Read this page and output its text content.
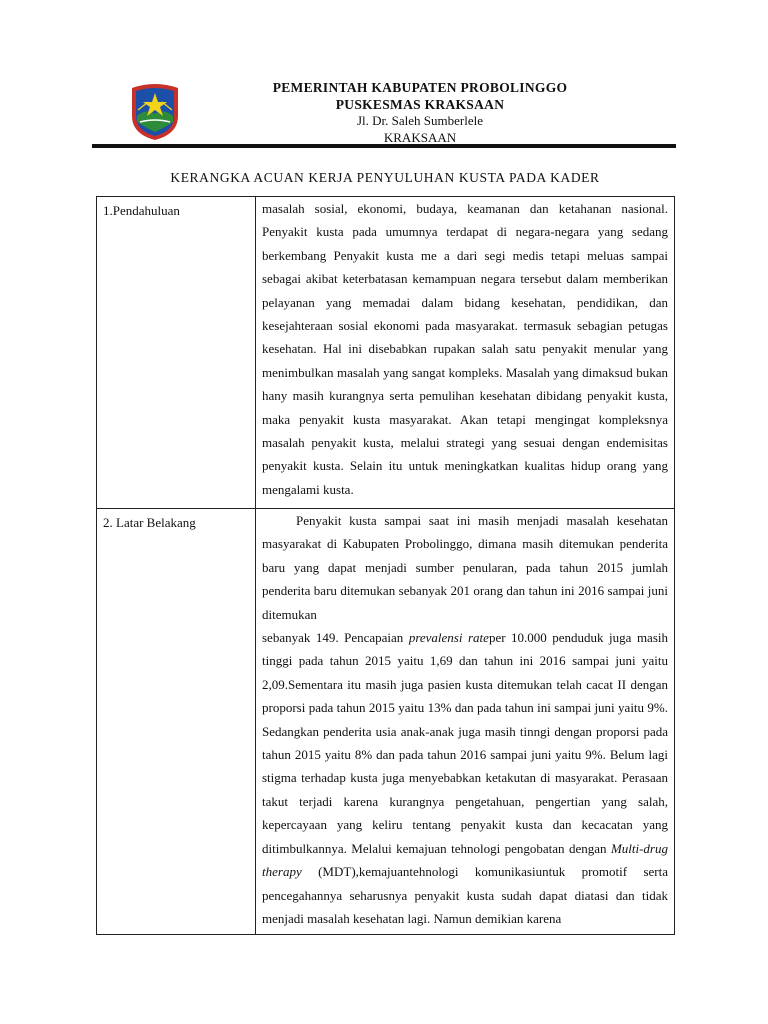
PEMERINTAH KABUPATEN PROBOLINGGO
PUSKESMAS KRAKSAAN
Jl. Dr. Saleh Sumberlele
KRAKSAAN
KERANGKA ACUAN KERJA PENYULUHAN KUSTA PADA KADER
1.Pendahuluan	masalah sosial, ekonomi, budaya, keamanan dan ketahanan nasional. Penyakit kusta pada umumnya terdapat di negara-negara yang sedang berkembang Penyakit kusta me a dari segi medis tetapi meluas sampai sebagai akibat keterbatasan kemampuan negara tersebut dalam memberikan pelayanan yang memadai dalam bidang kesehatan, pendidikan, dan kesejahteraan sosial ekonomi pada masyarakat. termasuk sebagian petugas kesehatan. Hal ini disebabkan rupakan salah satu penyakit menular yang menimbulkan masalah yang sangat kompleks. Masalah yang dimaksud bukan hany masih kurangnya serta pemulihan kesehatan dibidang penyakit kusta, maka penyakit kusta masyarakat. Akan tetapi mengingat kompleksnya masalah penyakit kusta, melalui strategi yang sesuai dengan endemisitas penyakit kusta. Selain itu untuk meningkatkan kualitas hidup orang yang mengalami kusta.

2. Latar Belakang	Penyakit kusta sampai saat ini masih menjadi masalah kesehatan masyarakat di Kabupaten Probolinggo, dimana masih ditemukan penderita baru yang dapat menjadi sumber penularan, pada tahun 2015 jumlah penderita baru ditemukan sebanyak 201 orang dan tahun ini 2016 sampai juni ditemukan

sebanyak 149. Pencapaian prevalensi rateper 10.000 penduduk juga masih tinggi pada tahun 2015 yaitu 1,69 dan tahun ini 2016 sampai juni yaitu 2,09.Sementara itu masih juga pasien kusta ditemukan telah cacat II dengan proporsi pada tahun 2015 yaitu 13% dan pada tahun ini sampai juni yaitu 9%. Sedangkan penderita usia anak-anak juga masih tinngi dengan proporsi pada tahun 2015 yaitu 8% dan pada tahun 2016 sampai juni yaitu 9%. Belum lagi stigma terhadap kusta juga menyebabkan ketakutan di masyarakat. Perasaan takut terjadi karena kurangnya pengetahuan, pengertian yang salah, kepercayaan yang keliru tentang penyakit kusta dan kecacatan yang ditimbulkannya. Melalui kemajuan tehnologi pengobatan dengan Multi-drug therapy (MDT),kemajuantehnologi komunikasiuntuk promotif serta pencegahannya seharusnya penyakit kusta sudah dapat diatasi dan tidak menjadi masalah kesehatan lagi. Namun demikian karena
